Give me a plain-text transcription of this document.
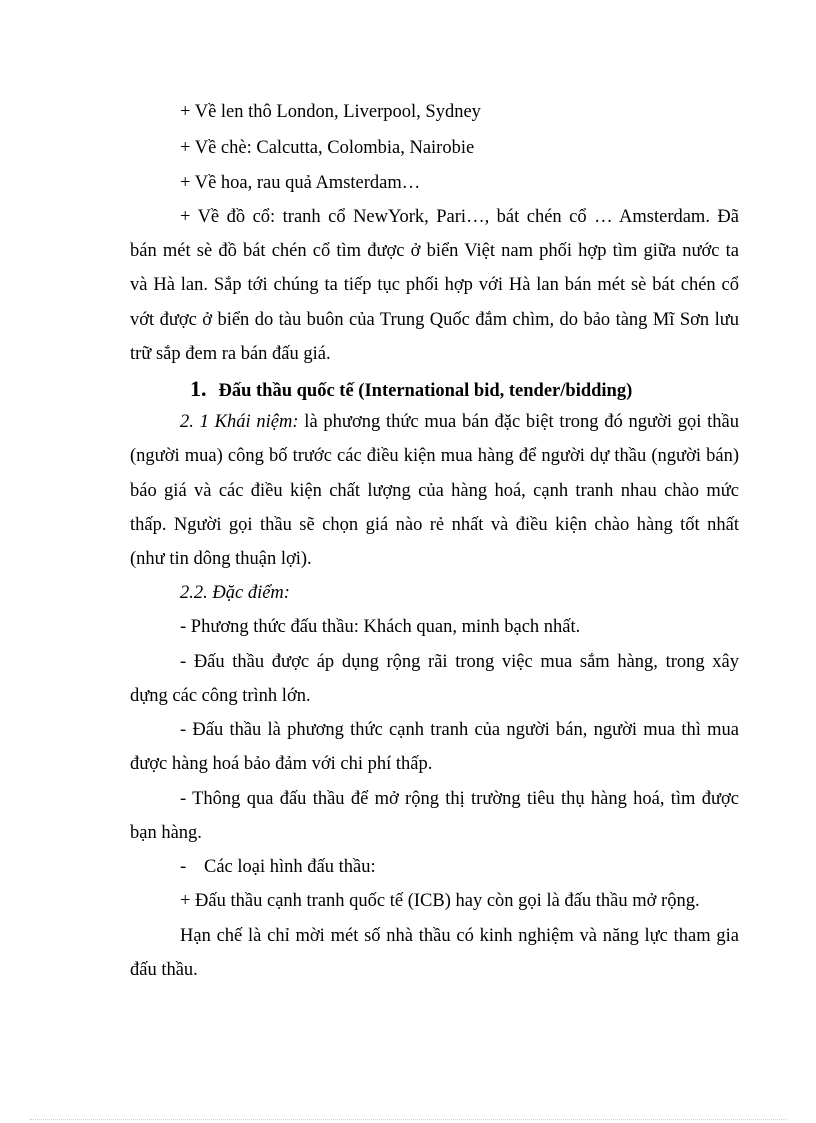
+ Về len thô London, Liverpool, Sydney
+ Về chè: Calcutta, Colombia, Nairobie
+ Về hoa, rau quả Amsterdam…
+ Về đồ cổ: tranh cổ NewYork, Pari…, bát chén cổ … Amsterdam. Đã
bán mét sè đồ bát chén cổ tìm được ở biển Việt nam phối hợp tìm giữa nước ta
và Hà lan. Sắp tới chúng ta tiếp tục phối hợp với Hà lan bán mét sè bát chén cổ
vớt được ở biển do tàu buôn của Trung Quốc đắm chìm, do bảo tàng Mĩ Sơn lưu
trữ sắp đem ra bán đấu giá.
1. Đấu thầu quốc tế (International bid, tender/bidding)
2. 1 Khái niệm: là phương thức mua bán đặc biệt trong đó người gọi thầu
(người mua) công bố trước các điều kiện mua hàng để người dự thầu (người bán)
báo giá và các điều kiện chất lượng của hàng hoá, cạnh tranh nhau chào mức
thấp. Người gọi thầu sẽ chọn giá nào rẻ nhất và điều kiện chào hàng tốt nhất
(như tin dông thuận lợi).
2.2. Đặc điểm:
- Phương thức đấu thầu: Khách quan, minh bạch nhất.
- Đấu thầu được áp dụng rộng rãi trong việc mua sắm hàng, trong xây
dựng các công trình lớn.
- Đấu thầu là phương thức cạnh tranh của người bán, người mua thì mua
được hàng hoá bảo đảm với chi phí thấp.
- Thông qua đấu thầu để mở rộng thị trường tiêu thụ hàng hoá, tìm được
bạn hàng.
- Các loại hình đấu thầu:
+ Đấu thầu cạnh tranh quốc tế (ICB) hay còn gọi là đấu thầu mở rộng.
Hạn chế là chỉ mời mét số nhà thầu có kinh nghiệm và năng lực tham gia
đấu thầu.
